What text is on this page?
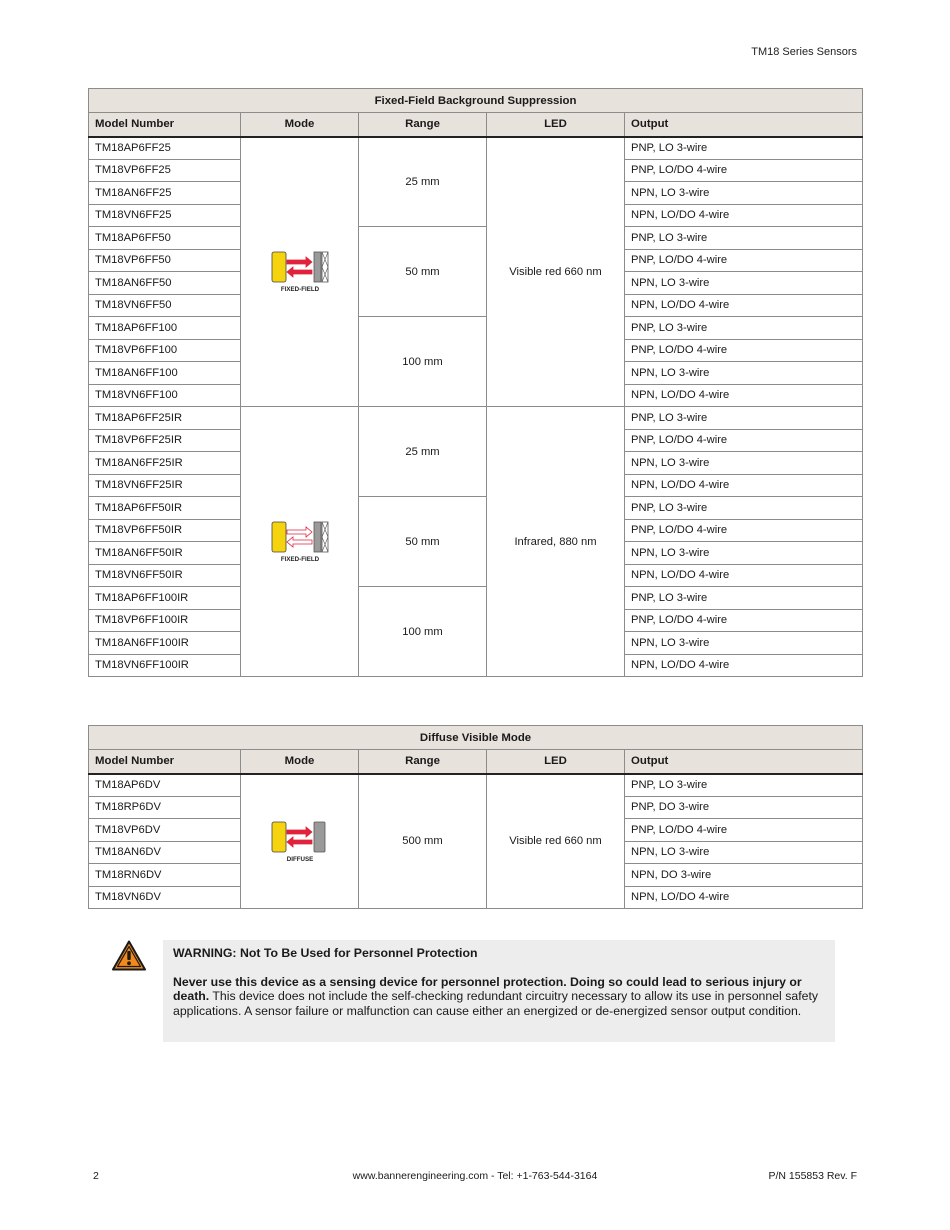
TM18 Series Sensors
Fixed-Field Background Suppression				
Model Number	Mode	Range	LED	Output
TM18AP6FF25	FIXED-FIELD	25 mm	Visible red 660 nm	PNP, LO 3-wire
TM18VP6FF25				PNP, LO/DO 4-wire
TM18AN6FF25				NPN, LO 3-wire
TM18VN6FF25				NPN, LO/DO 4-wire
TM18AP6FF50		50 mm		PNP, LO 3-wire
TM18VP6FF50				PNP, LO/DO 4-wire
TM18AN6FF50				NPN, LO 3-wire
TM18VN6FF50				NPN, LO/DO 4-wire
TM18AP6FF100		100 mm		PNP, LO 3-wire
TM18VP6FF100				PNP, LO/DO 4-wire
TM18AN6FF100				NPN, LO 3-wire
TM18VN6FF100				NPN, LO/DO 4-wire
TM18AP6FF25IR	FIXED-FIELD	25 mm	Infrared, 880 nm	PNP, LO 3-wire
TM18VP6FF25IR				PNP, LO/DO 4-wire
TM18AN6FF25IR				NPN, LO 3-wire
TM18VN6FF25IR				NPN, LO/DO 4-wire
TM18AP6FF50IR		50 mm		PNP, LO 3-wire
TM18VP6FF50IR				PNP, LO/DO 4-wire
TM18AN6FF50IR				NPN, LO 3-wire
TM18VN6FF50IR				NPN, LO/DO 4-wire
TM18AP6FF100IR		100 mm		PNP, LO 3-wire
TM18VP6FF100IR				PNP, LO/DO 4-wire
TM18AN6FF100IR				NPN, LO 3-wire
TM18VN6FF100IR				NPN, LO/DO 4-wire
Diffuse Visible Mode				
Model Number	Mode	Range	LED	Output
TM18AP6DV	DIFFUSE	500 mm	Visible red 660 nm	PNP, LO 3-wire
TM18RP6DV				PNP, DO 3-wire
TM18VP6DV				PNP, LO/DO 4-wire
TM18AN6DV				NPN, LO 3-wire
TM18RN6DV				NPN, DO 3-wire
TM18VN6DV				NPN, LO/DO 4-wire
WARNING: Not To Be Used for Personnel Protection
Never use this device as a sensing device for personnel protection. Doing so could lead to serious injury or death. This device does not include the self-checking redundant circuitry necessary to allow its use in personnel safety applications. A sensor failure or malfunction can cause either an energized or de-energized sensor output condition.
2	www.bannerengineering.com - Tel: +1-763-544-3164	P/N 155853 Rev. F
